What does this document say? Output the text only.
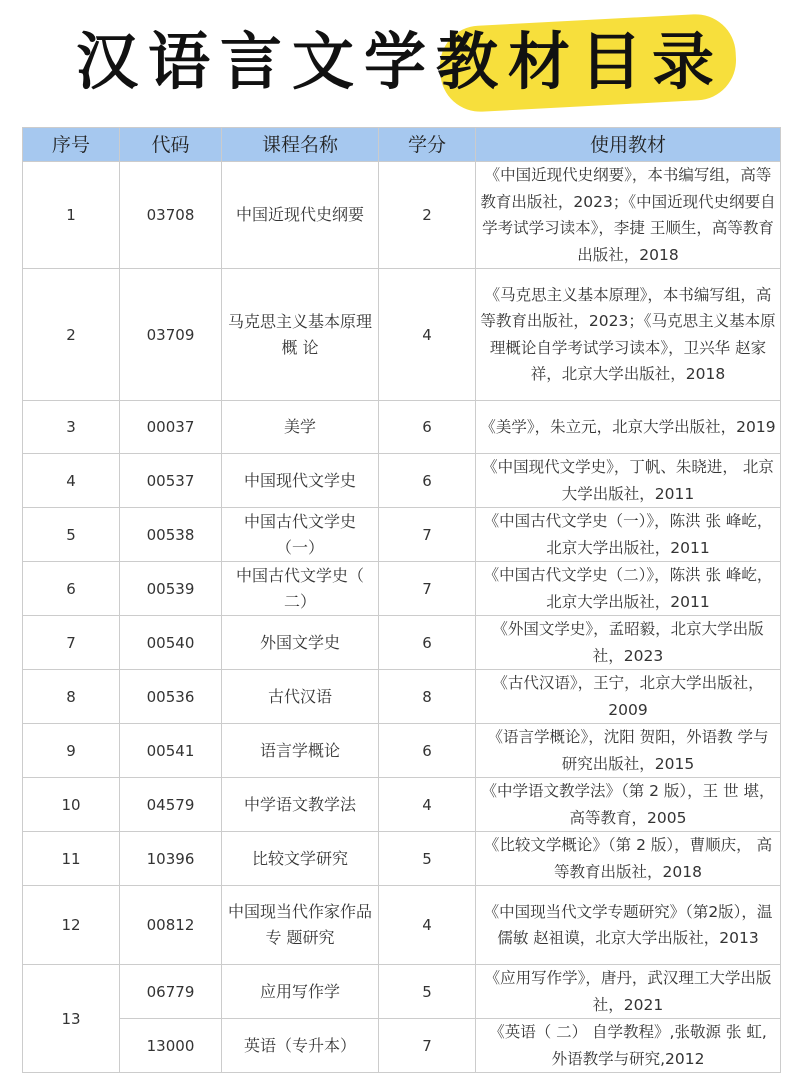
汉语言文学教材目录
序号	代码	课程名称	学分	使用教材
1	03708	中国近现代史纲要	2	《中国近现代史纲要》，本书编写组，高等教育出版社，2023；《中国近现代史纲要自学考试学习读本》，李捷 王顺生，高等教育出版社，2018
2	03709	马克思主义基本原理概 论	4	《马克思主义基本原理》，本书编写组，高等教育出版社，2023；《马克思主义基本原理概论自学考试学习读本》，卫兴华 赵家祥，北京大学出版社，2018
3	00037	美学	6	《美学》，朱立元，北京大学出版社，2019
4	00537	中国现代文学史	6	《中国现代文学史》，丁帆、朱晓进， 北京大学出版社，2011
5	00538	中国古代文学史（一）	7	《中国古代文学史（一）》，陈洪 张 峰屹，北京大学出版社，2011
6	00539	中国古代文学史（ 二）	7	《中国古代文学史（二）》，陈洪 张 峰屹，北京大学出版社，2011
7	00540	外国文学史	6	《外国文学史》，孟昭毅，北京大学出版社，2023
8	00536	古代汉语	8	《古代汉语》，王宁，北京大学出版社，2009
9	00541	语言学概论	6	《语言学概论》，沈阳 贺阳，外语教 学与研究出版社，2015
10	04579	中学语文教学法	4	《中学语文教学法》（第 2 版），王 世 堪，高等教育，2005
11	10396	比较文学研究	5	《比较文学概论》（第 2 版），曹顺庆， 高等教育出版社，2018
12	00812	中国现当代作家作品专 题研究	4	《中国现当代文学专题研究》（第2版），温儒敏 赵祖谟，北京大学出版社，2013
13	06779	应用写作学	5	《应用写作学》，唐丹，武汉理工大学出版社，2021
	13000	英语（专升本）	7	《英语（ 二） 自学教程》,张敬源 张 虹, 外语教学与研究,2012
